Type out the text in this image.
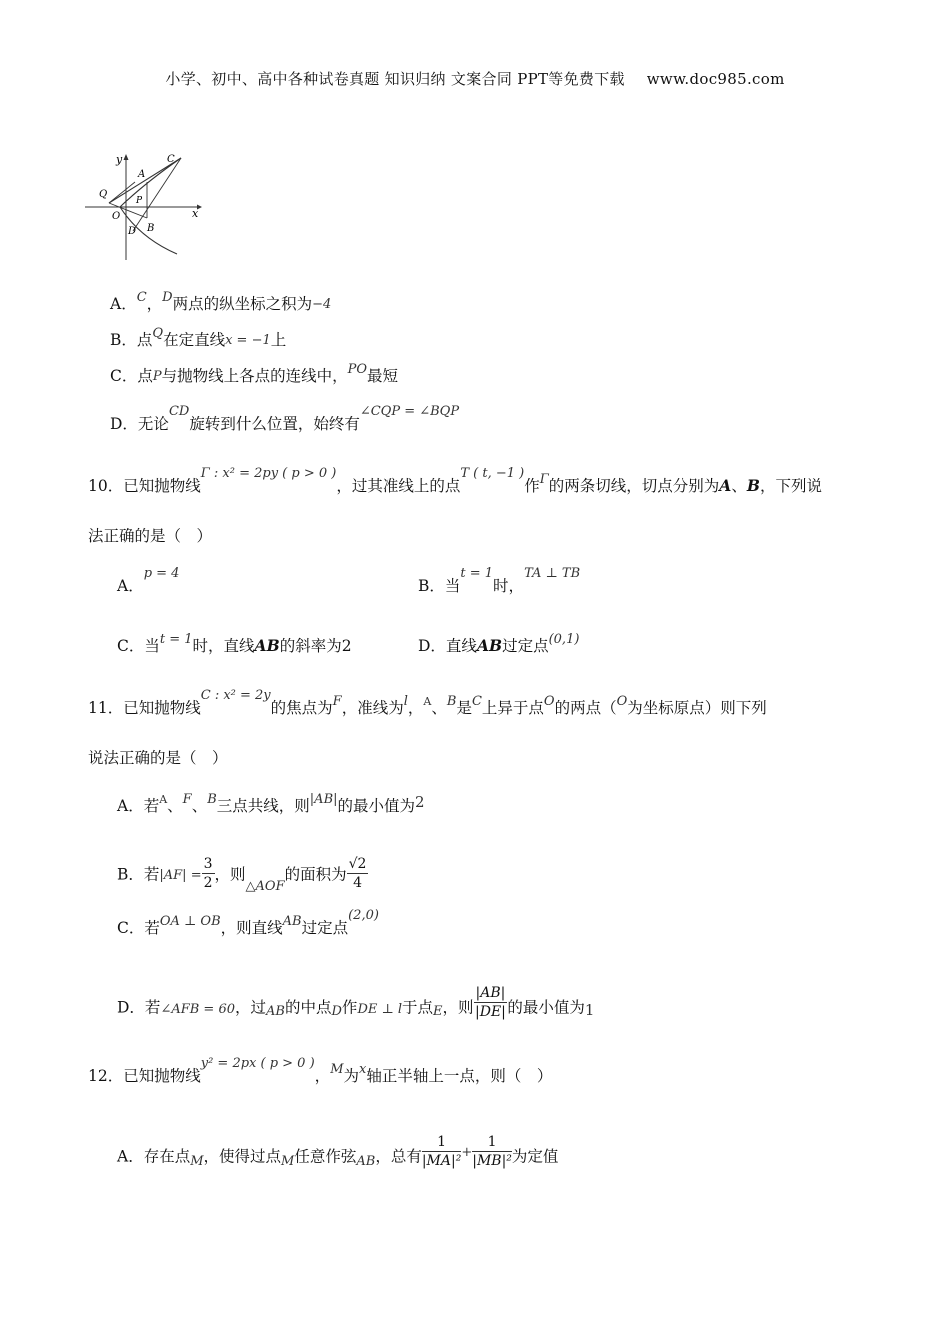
小学、初中、高中各种试卷真题 知识归纳 文案合同 PPT等免费下载 www.doc985.com
y
x
C
A
Q
P
O
D B
A．$^C$，$^D$两点的纵坐标之积为−4
B．点$^Q$在定直线x = −1上
C．点P与抛物线上各点的连线中，$^{PO}$最短
D．无论$^{CD}$旋转到什么位置，始终有$^{\angle CQP = \angle BQP}$
10．已知抛物线$^{\Gamma : x^2 = 2py ( p > 0 )}$，过其准线上的点$^{T ( t, -1 )}$作$^\Gamma$的两条切线，切点分别为A、B，下列说
法正确的是（　）
A．$^{p = 4}$
B．当$^{t = 1}$时，$^{TA \perp TB}$
C．当$^{t = 1}$时，直线AB的斜率为2	D．直线AB过定点$^{(0,1)}$
11．已知抛物线$^{C : x^2 = 2y}$的焦点为$^F$，准线为$^l$，$^A$、$^B$是$^C$上异于点$^O$的两点（$^O$为坐标原点）则下列
说法正确的是（　）
A．若$^A$、$^F$、$^B$三点共线，则$^{|AB|}$的最小值为2
B．若$|AF| = \frac{3}{2}$ ，则$_{\triangle AOF}$的面积为 $\frac{√2}{4}$
C．若$^{OA \perp OB}$，则直线$^{AB}$过定点$^{(2,0)}$
D．若∠AFB = 60，过AB的中点D作DE ⊥ l于点E，则 $\frac{|AB|}{|DE|}$ 的最小值为1
12．已知抛物线$^{y^2 = 2px ( p > 0 )}$，$^M$为$^x$轴正半轴上一点，则（　）
A．存在点M，使得过点M任意作弦AB，总有 $\frac{1}{\text{|MA|²}} ^+ \frac{1}{\text{|MB|²}}$ 为定值
